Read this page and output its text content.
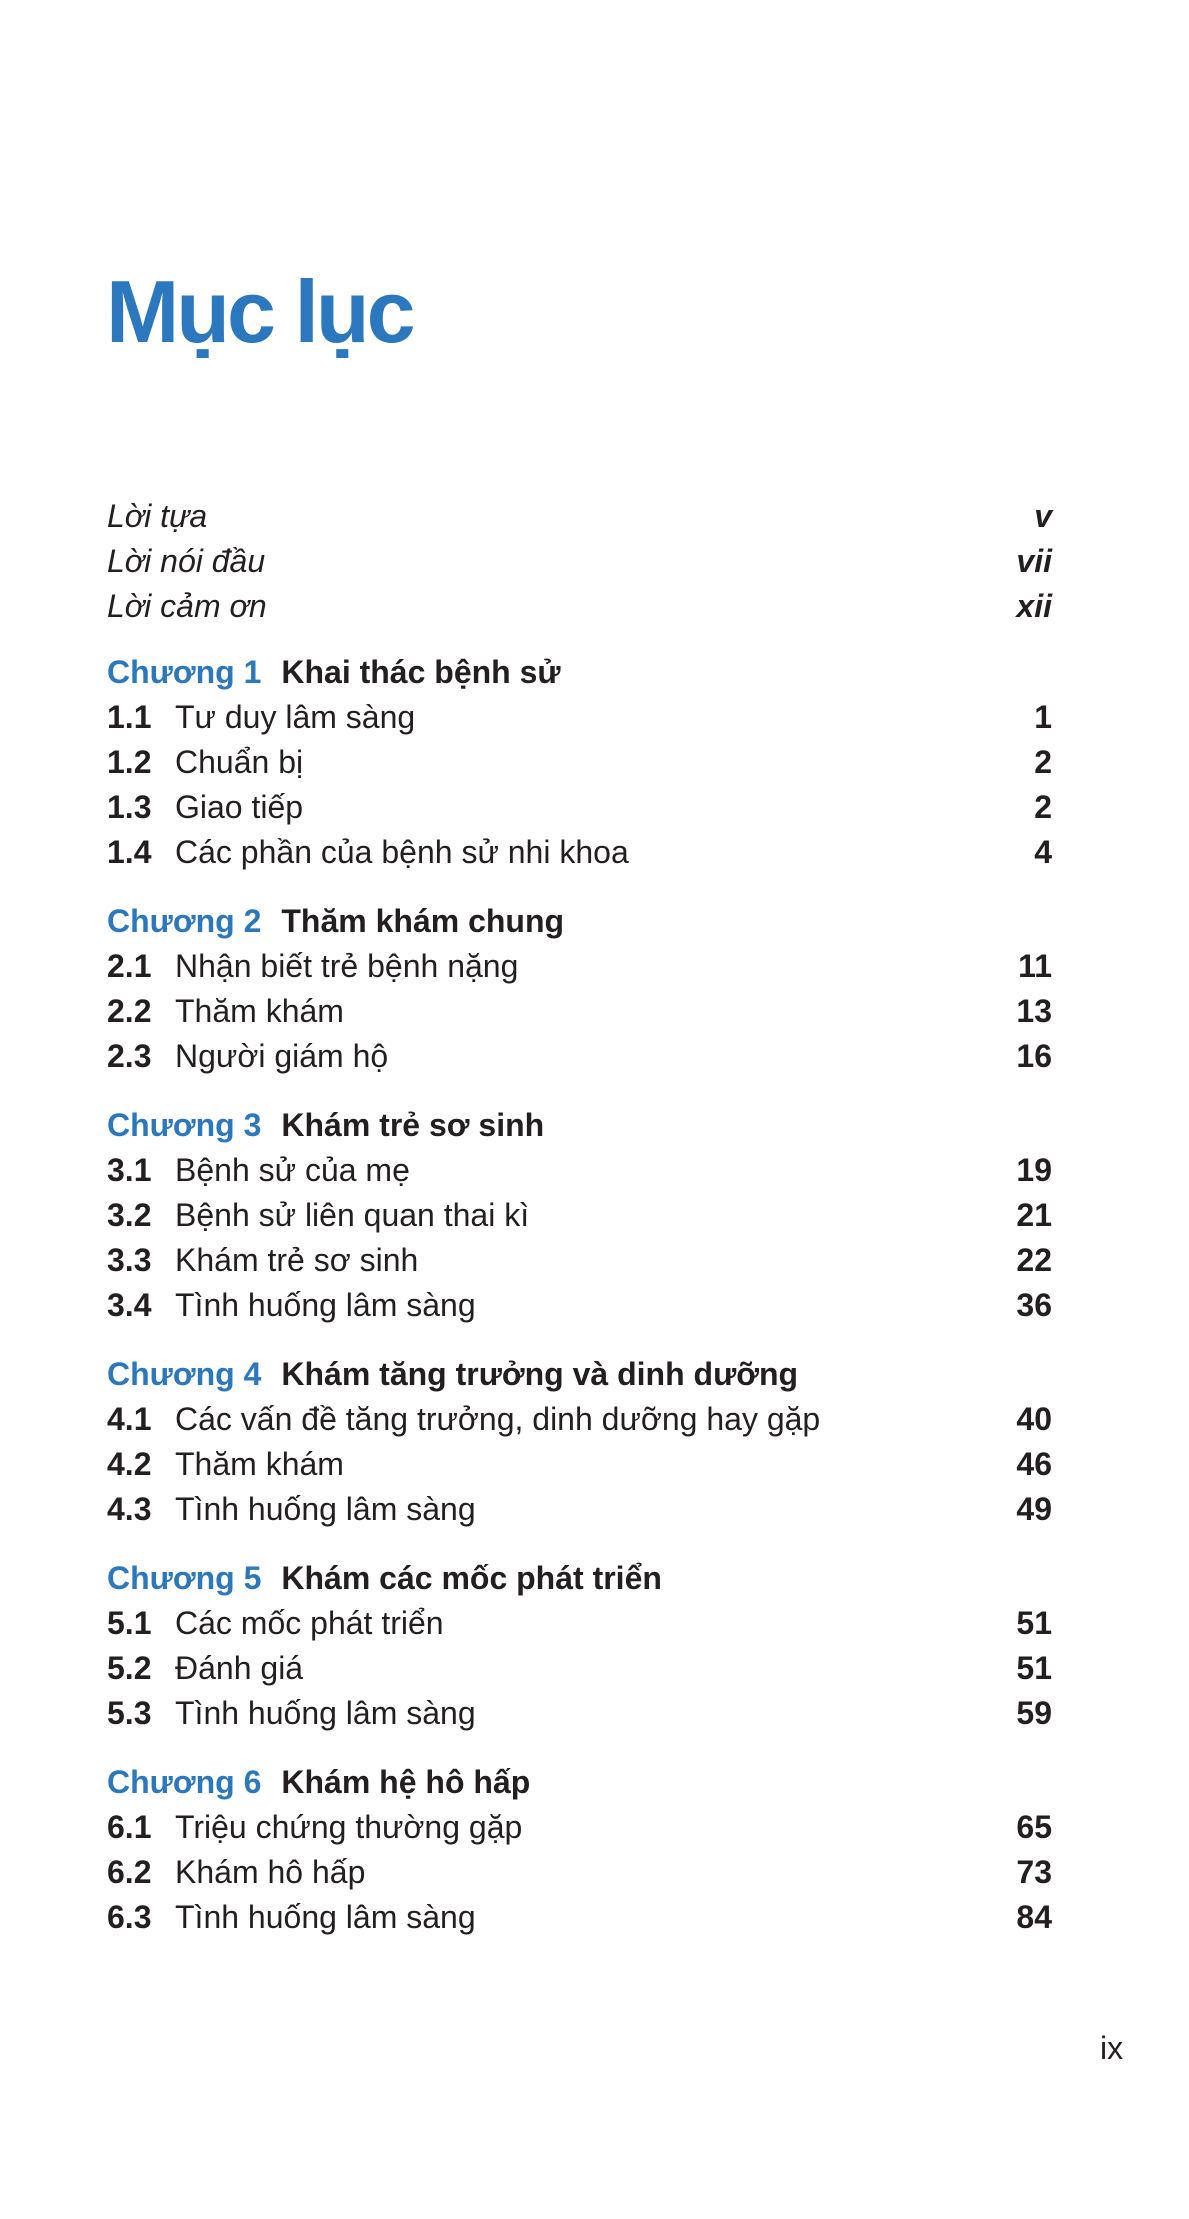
Mục lục
Lời tựa	v
Lời nói đầu	vii
Lời cảm ơn	xii
Chương 1 Khai thác bệnh sử
1.1 Tư duy lâm sàng	1
1.2 Chuẩn bị	2
1.3 Giao tiếp	2
1.4 Các phần của bệnh sử nhi khoa	4
Chương 2 Thăm khám chung
2.1 Nhận biết trẻ bệnh nặng	11
2.2 Thăm khám	13
2.3 Người giám hộ	16
Chương 3 Khám trẻ sơ sinh
3.1 Bệnh sử của mẹ	19
3.2 Bệnh sử liên quan thai kì	21
3.3 Khám trẻ sơ sinh	22
3.4 Tình huống lâm sàng	36
Chương 4 Khám tăng trưởng và dinh dưỡng
4.1 Các vấn đề tăng trưởng, dinh dưỡng hay gặp	40
4.2 Thăm khám	46
4.3 Tình huống lâm sàng	49
Chương 5 Khám các mốc phát triển
5.1 Các mốc phát triển	51
5.2 Đánh giá	51
5.3 Tình huống lâm sàng	59
Chương 6 Khám hệ hô hấp
6.1 Triệu chứng thường gặp	65
6.2 Khám hô hấp	73
6.3 Tình huống lâm sàng	84
ix
